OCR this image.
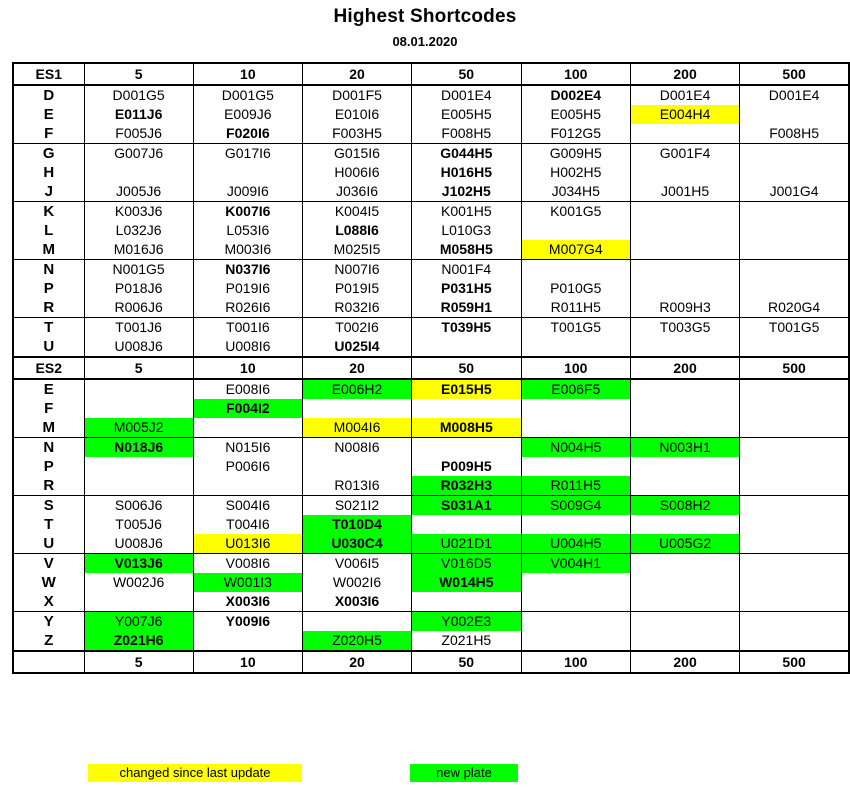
Highest Shortcodes
08.01.2020
ES1	5	10	20	50	100	200	500
D	D001G5	D001G5	D001F5	D001E4	D002E4	D001E4	D001E4
E	E011J6	E009J6	E010I6	E005H5	E005H5	E004H4	
F	F005J6	F020I6	F003H5	F008H5	F012G5		F008H5
G	G007J6	G017I6	G015I6	G044H5	G009H5	G001F4	
H			H006I6	H016H5	H002H5		
J	J005J6	J009I6	J036I6	J102H5	J034H5	J001H5	J001G4
K	K003J6	K007I6	K004I5	K001H5	K001G5		
L	L032J6	L053I6	L088I6	L010G3			
M	M016J6	M003I6	M025I5	M058H5	M007G4		
N	N001G5	N037I6	N007I6	N001F4			
P	P018J6	P019I6	P019I5	P031H5	P010G5		
R	R006J6	R026I6	R032I6	R059H1	R011H5	R009H3	R020G4
T	T001J6	T001I6	T002I6	T039H5	T001G5	T003G5	T001G5
U	U008J6	U008I6	U025I4				
ES2	5	10	20	50	100	200	500
E		E008I6	E006H2	E015H5	E006F5		
F		F004I2					
M	M005J2		M004I6	M008H5			
N	N018J6	N015I6	N008I6		N004H5	N003H1	
P		P006I6		P009H5			
R			R013I6	R032H3	R011H5		
S	S006J6	S004I6	S021I2	S031A1	S009G4	S008H2	
T	T005J6	T004I6	T010D4				
U	U008J6	U013I6	U030C4	U021D1	U004H5	U005G2	
V	V013J6	V008I6	V006I5	V016D5	V004H1		
W	W002J6	W001I3	W002I6	W014H5			
X		X003I6	X003I6				
Y	Y007J6	Y009I6		Y002E3			
Z	Z021H6		Z020H5	Z021H5			
	5	10	20	50	100	200	500
changed since last update	new plate
